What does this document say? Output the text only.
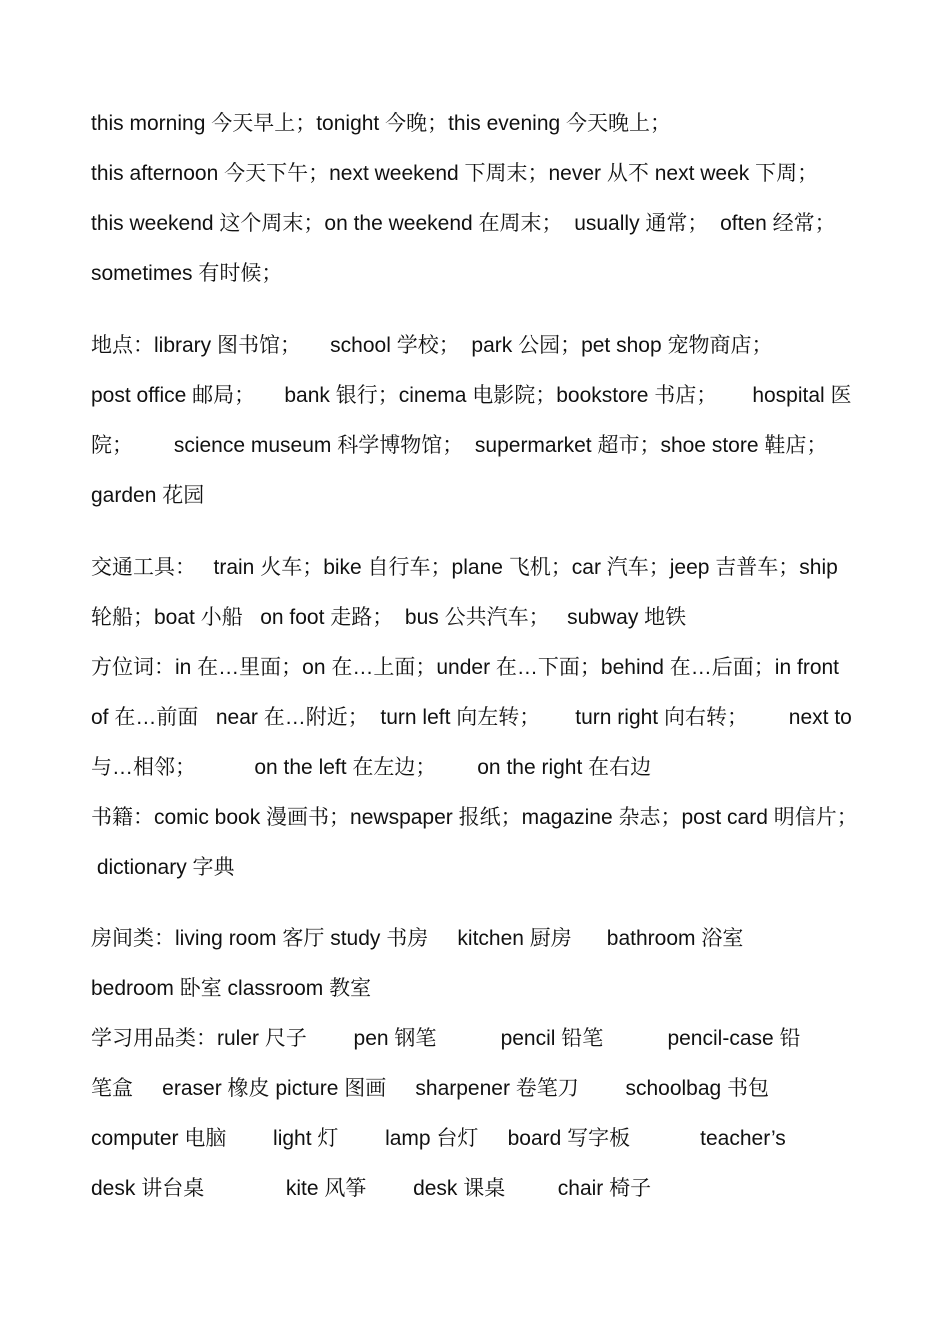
this morning 今天早上；tonight 今晚；this evening 今天晚上；
this afternoon 今天下午；next weekend 下周末；never 从不 next week 下周；
this weekend 这个周末；on the weekend 在周末；  usually 通常；  often 经常；
sometimes 有时候；
地点：library 图书馆；     school 学校；  park 公园；pet shop 宠物商店；
post office 邮局；     bank 银行；cinema 电影院；bookstore 书店；      hospital 医
院；       science museum 科学博物馆；  supermarket 超市；shoe store 鞋店；
garden 花园
交通工具：   train 火车；bike 自行车；plane 飞机；car 汽车；jeep 吉普车；ship
轮船；boat 小船   on foot 走路；  bus 公共汽车；   subway 地铁
方位词：in 在…里面；on 在…上面；under 在…下面；behind 在…后面；in front
of 在…前面   near 在…附近；  turn left 向左转；      turn right 向右转；       next to
与…相邻；          on the left 在左边；       on the right 在右边
书籍：comic book 漫画书；newspaper 报纸；magazine 杂志；post card 明信片；
dictionary 字典
房间类：living room 客厅 study 书房     kitchen 厨房      bathroom 浴室
bedroom 卧室 classroom 教室
学习用品类：ruler 尺子        pen 钢笔           pencil 铅笔           pencil-case 铅
笔盒     eraser 橡皮 picture 图画     sharpener 卷笔刀        schoolbag 书包
computer 电脑        light 灯        lamp 台灯     board 写字板            teacher’s
desk 讲台桌              kite 风筝        desk 课桌         chair 椅子
